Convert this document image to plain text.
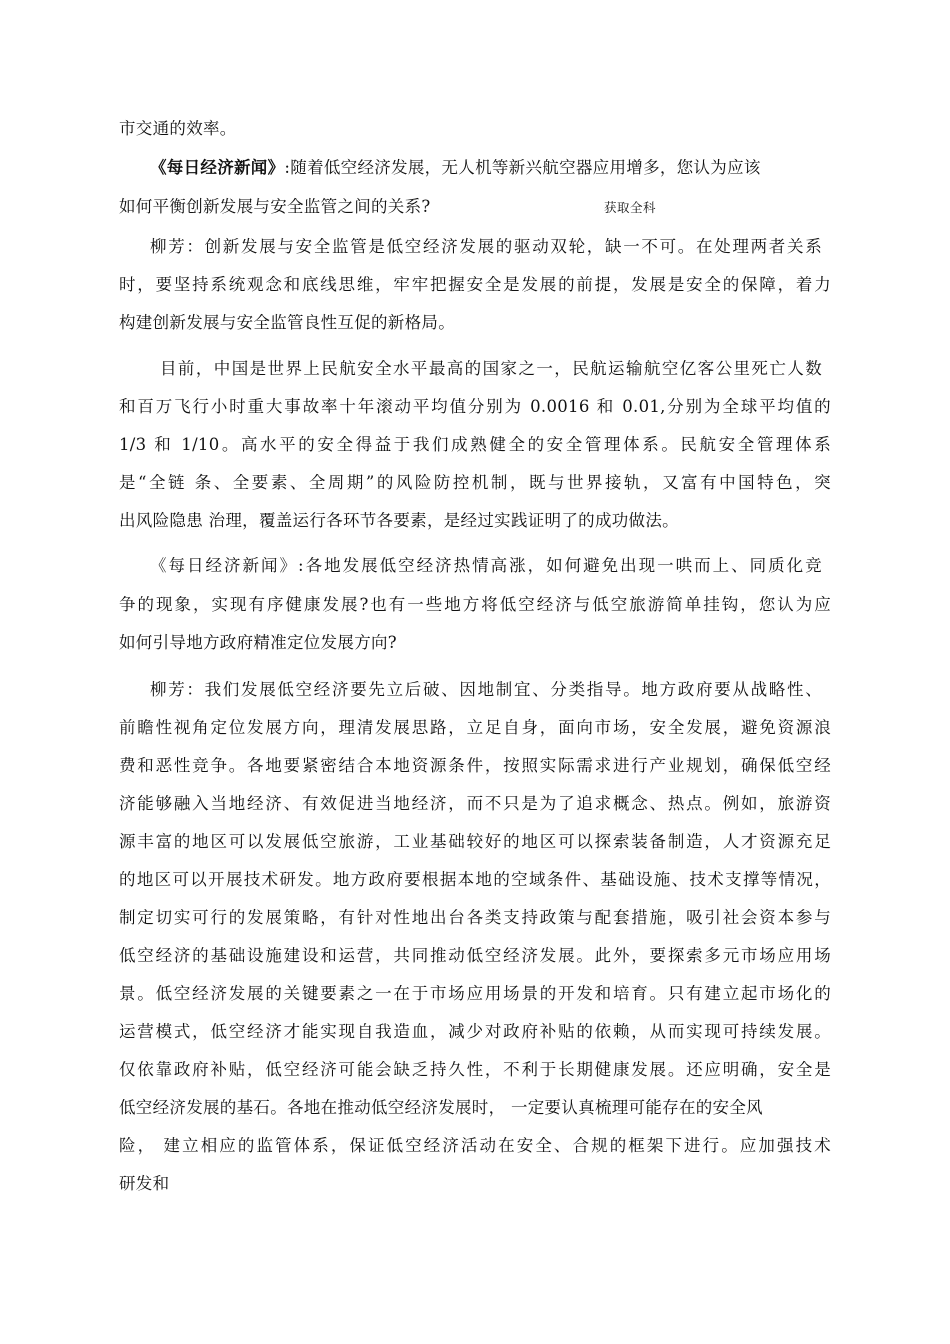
市交通的效率。
《每日经济新闻》:随着低空经济发展，无人机等新兴航空器应用增多，您认为应该
如何平衡创新发展与安全监管之间的关系?	获取全科
柳芳：创新发展与安全监管是低空经济发展的驱动双轮，缺一不可。在处理两者关系
时，要坚持系统观念和底线思维，牢牢把握安全是发展的前提，发展是安全的保障，着力
构建创新发展与安全监管良性互促的新格局。
目前，中国是世界上民航安全水平最高的国家之一，民航运输航空亿客公里死亡人数
和百万飞行小时重大事故率十年滚动平均值分别为 0.0016 和 0.01,分别为全球平均值的
1/3 和 1/10。高水平的安全得益于我们成熟健全的安全管理体系。民航安全管理体系
是“全链 条、全要素、全周期”的风险防控机制，既与世界接轨，又富有中国特色，突
出风险隐患 治理，覆盖运行各环节各要素，是经过实践证明了的成功做法。
《每日经济新闻》:各地发展低空经济热情高涨，如何避免出现一哄而上、同质化竞
争的现象，实现有序健康发展?也有一些地方将低空经济与低空旅游简单挂钩，您认为应
如何引导地方政府精准定位发展方向?
柳芳：我们发展低空经济要先立后破、因地制宜、分类指导。地方政府要从战略性、
前瞻性视角定位发展方向，理清发展思路，立足自身，面向市场，安全发展，避免资源浪
费和恶性竞争。各地要紧密结合本地资源条件，按照实际需求进行产业规划，确保低空经
济能够融入当地经济、有效促进当地经济，而不只是为了追求概念、热点。例如，旅游资
源丰富的地区可以发展低空旅游，工业基础较好的地区可以探索装备制造，人才资源充足
的地区可以开展技术研发。地方政府要根据本地的空域条件、基础设施、技术支撑等情况，
制定切实可行的发展策略，有针对性地出台各类支持政策与配套措施，吸引社会资本参与
低空经济的基础设施建设和运营，共同推动低空经济发展。此外，要探索多元市场应用场
景。低空经济发展的关键要素之一在于市场应用场景的开发和培育。只有建立起市场化的
运营模式，低空经济才能实现自我造血，减少对政府补贴的依赖，从而实现可持续发展。
仅依靠政府补贴，低空经济可能会缺乏持久性，不利于长期健康发展。还应明确，安全是
低空经济发展的基石。各地在推动低空经济发展时， 一定要认真梳理可能存在的安全风
险， 建立相应的监管体系，保证低空经济活动在安全、合规的框架下进行。应加强技术
研发和
